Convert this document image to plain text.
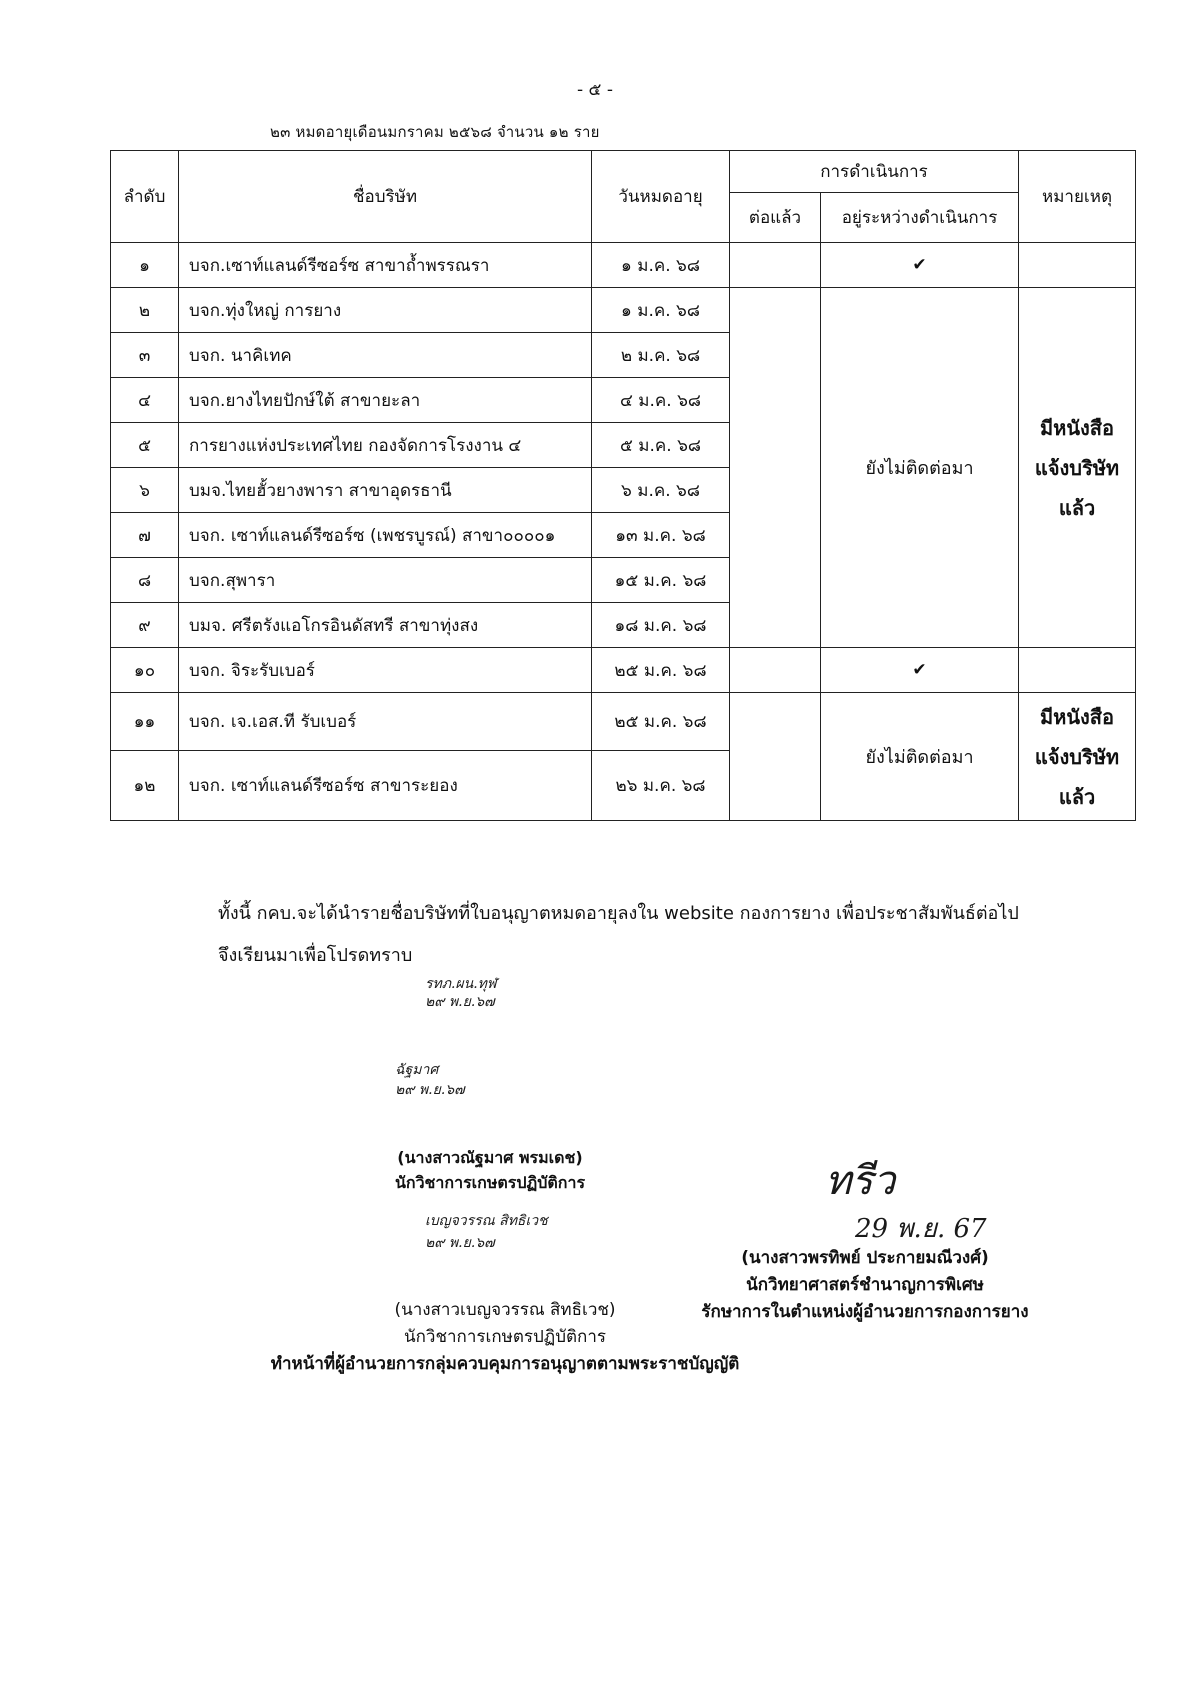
- ๕ -
๒๓ หมดอายุเดือนมกราคม ๒๕๖๘ จำนวน ๑๒ ราย
ลำดับ	ชื่อบริษัท	วันหมดอายุ	การดำเนินการ		หมายเหตุ
			ต่อแล้ว	อยู่ระหว่างดำเนินการ	
๑	บจก.เซาท์แลนด์รีซอร์ซ สาขาถ้ำพรรณรา	๑ ม.ค. ๖๘		✔	
๒	บจก.ทุ่งใหญ่ การยาง	๑ ม.ค. ๖๘		ยังไม่ติดต่อมา	มีหนังสือ
แจ้งบริษัท
แล้ว
๓	บจก. นาคิเทค	๒ ม.ค. ๖๘			
๔	บจก.ยางไทยปักษ์ใต้ สาขายะลา	๔ ม.ค. ๖๘			
๕	การยางแห่งประเทศไทย กองจัดการโรงงาน ๔	๕ ม.ค. ๖๘			
๖	บมจ.ไทยฮั้วยางพารา สาขาอุดรธานี	๖ ม.ค. ๖๘			
๗	บจก. เซาท์แลนด์รีซอร์ซ (เพชรบูรณ์) สาขา๐๐๐๐๑	๑๓ ม.ค. ๖๘			
๘	บจก.สุพารา	๑๕ ม.ค. ๖๘			
๙	บมจ. ศรีตรังแอโกรอินดัสทรี สาขาทุ่งสง	๑๘ ม.ค. ๖๘			
๑๐	บจก. จิระรับเบอร์	๒๕ ม.ค. ๖๘		✔	
๑๑	บจก. เจ.เอส.ที รับเบอร์	๒๕ ม.ค. ๖๘		ยังไม่ติดต่อมา	มีหนังสือ
แจ้งบริษัท
แล้ว
๑๒	บจก. เซาท์แลนด์รีซอร์ซ สาขาระยอง	๒๖ ม.ค. ๖๘			
ทั้งนี้ กคบ.จะได้นำรายชื่อบริษัทที่ใบอนุญาตหมดอายุลงใน website กองการยาง เพื่อประชาสัมพันธ์ต่อไป
จึงเรียนมาเพื่อโปรดทราบ
รทภ.ผน.ทุฬ
๒๙ พ.ย.๖๗
ฉัฐมาศ
๒๙ พ.ย.๖๗
(นางสาวณัฐมาศ พรมเดช)
นักวิชาการเกษตรปฏิบัติการ
เบญจวรรณ สิทธิเวช
๒๙ พ.ย.๖๗
(นางสาวเบญจวรรณ สิทธิเวช)
นักวิชาการเกษตรปฏิบัติการ
ทำหน้าที่ผู้อำนวยการกลุ่มควบคุมการอนุญาตตามพระราชบัญญัติ
ทรีว
29 พ.ย. 67
(นางสาวพรทิพย์ ประกายมณีวงศ์)
นักวิทยาศาสตร์ชำนาญการพิเศษ
รักษาการในตำแหน่งผู้อำนวยการกองการยาง
